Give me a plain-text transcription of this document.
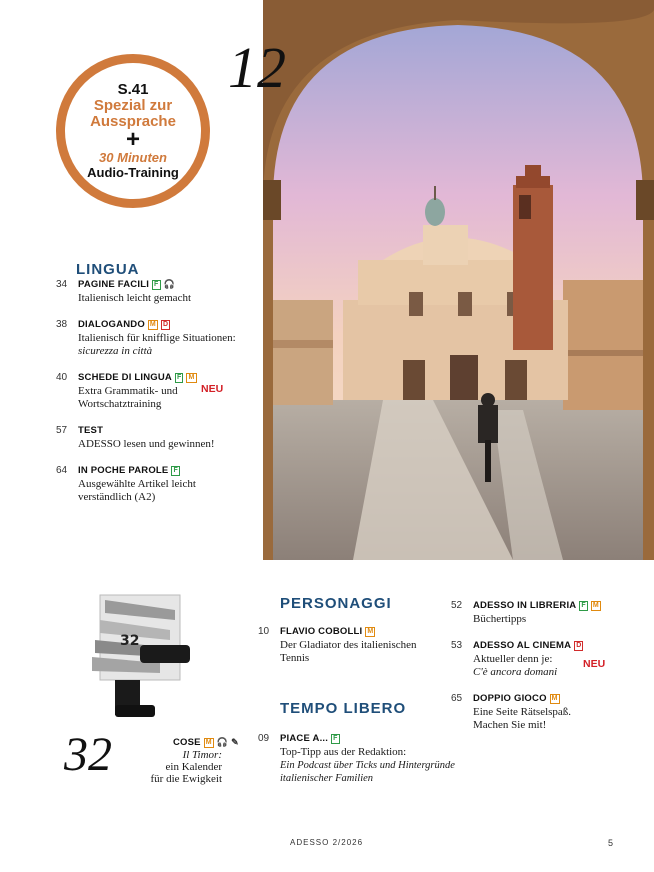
12
S.41
Spezial zur
Aussprache
+
30 Minuten
Audio-Training
LINGUA
34 PAGINE FACILI F 🎧
Italienisch leicht gemacht
38 DIALOGANDO M D
Italienisch für knifflige Situationen:
sicurezza in città
40 SCHEDE DI LINGUA F M
Extra Grammatik- und
Wortschatztraining
NEU
57 TEST
ADESSO lesen und gewinnen!
64 IN POCHE PAROLE F
Ausgewählte Artikel leicht
verständlich (A2)
32
32	COSE M 🎧 ✎
Il Timor:
ein Kalender
für die Ewigkeit
PERSONAGGI
10 FLAVIO COBOLLI M
Der Gladiator des italienischen
Tennis
TEMPO LIBERO
09 PIACE A... F
Top-Tipp aus der Redaktion:
Ein Podcast über Ticks und Hintergründe
italienischer Familien
52 ADESSO IN LIBRERIA F M
Büchertipps
53 ADESSO AL CINEMA D
Aktueller denn je:
C'è ancora domani
NEU
65 DOPPIO GIOCO M
Eine Seite Rätselspaß.
Machen Sie mit!
ADESSO 2/2026	5
